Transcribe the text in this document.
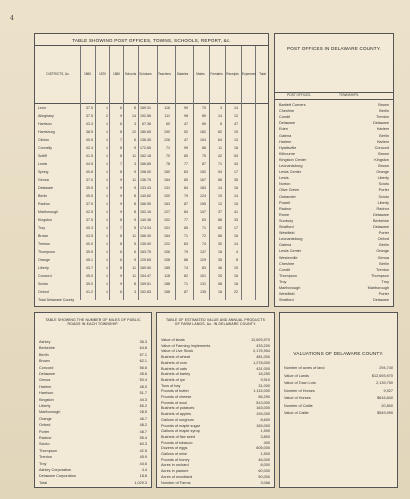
4
TABLE SHOWING POST OFFICES, TOWNS, SCHOOLS, REPORT, &c.
DISTRICTS, &c.	1860	1870	1880	Schools Scholars Teachers Salaries	Males	Females Receipts Expenses Total
Leon	37.5	1	6	8 169.31	116	90	70	3	14
Alleghany	37.5	2	9	14 192.56	111	98	89	14	12
Harrison	43.3	1	6	3	67.36	60	47	69	6	47
Harrisburg	38.5	1	8	12 180.65	190	52	162	82	19
Clinton	40.5	1	7	6 136.35	126	47	104	64	13
Connelly	42.4	1	8	9 172.65	71	99	68	11	18
Sutliff	41.5	1	8	11 162.18	70	80	75	42	54
Lewis	44.5	1	7	3 166.85	78	77	87	71	43
Spring	40.8	1	8	9 198.00	150	83	152	94	17
Genoa	37.0	1	9	11 136.75	164	80	167	56	35
Delaware	39.5	1	9	9 133.43	131	84	183	14	16
Berlin	45.5	1	9	8 140.62	100	79	124	19	14
Radnor	37.9	1	9	8 166.55	163	87	155	12	15
Marlborough	42.5	1	9	8 152.16	127	84	107	37	41
Kingston	37.5	1	8	9 140.36	102	77	63	86	33
Troy	40.3	1	7	5 174.04	101	85	71	82	17
Brown	43.5	1	8	11 166.30	164	71	72	68	16
Trenton	40.0	1	8	5 135.90	122	83	74	30	14
Thompson	39.5	1	6	6 163.75	106	79	137	18	4
Orange	45.1	1	6	9 129.65	108	86	129	35	8
Liberty	43.7	1	8	11 169.50	185	74	83	46	19
Concord	45.0	1	9	11 154.47	118	82	101	25	16
Scioto	39.0	1	9	8 159.51	188	71	131	58	18
Oxford	41.2	1	6	3 152.83	158	87	135	18	22
Total Delaware County
POST OFFICES IN DELAWARE COUNTY.
POST OFFICES.	TOWNSHIPS.
Bartlett Corners	Brown
Cheshire	Berlin
Condit	Trenton
Delaware	Delaware
Eden	Harlem
Galena	Berlin
Harlem	Harlem
Hyattsville	Concord
Kilbourne	Brown
Kingston Center	Kingston
Leonardsburg	Brown
Lewis Center	Orange
Lewis	Liberty
Norton	Scioto
Olive Green	Porter
Ostrander	Scioto
Powell	Liberty
Radnor	Radnor
Rome	Delaware
Sunbury	Berkshire
Stratford	Delaware
Westfield	Porter
Leonardsburg	Oxford
Galena	Berlin
Lewis Center	Orange
Westerville	Genoa
Cheshire	Berlin
Condit	Trenton
Thompson	Thompson
Troy	Troy
Marlborough	Marlborough
Westfield	Porter
Stratford	Delaware
TABLE SHOWING THE NUMBER OF MILES OF PUBLIC ROADS IN EACH TOWNSHIP.
Ashley	36.3
Berkshire	64.8
Berlin	57.1
Brown	62.1
Concord	56.6
Delaware	45.6
Genoa	50.4
Harlem	48.0
Harrison	51.7
Kingston	44.3
Liberty	65.2
Marlborough	28.5
Orange	46.7
Oxford	48.2
Porter	48.7
Radnor	55.4
Scioto	60.3
Thompson	42.5
Trenton	45.9
Troy	44.6
Ashley Corporation	4.4
Delaware Corporation	18.8
Total	1,029.3
TABLE OF ESTIMATED VALUE AND ANNUAL PRODUCTS OF FARM LANDS, &c. IN DELAWARE COUNTY.
Value of lands	12,693,970
Value of Farming Implements	433,200
Value of Live Stock	2,176,954
Bushels of wheat	481,000
Bushels of corn	1,278,000
Bushels of oats	431,000
Bushels of barley	18,250
Bushels of rye	9,910
Tons of hay	31,000
Pounds of butter	1,115,000
Pounds of cheese	86,290
Pounds of wool	513,000
Bushels of potatoes	163,000
Bushels of apples	194,000
Gallons of sorghum	8,600
Pounds of maple sugar	165,000
Gallons of maple syrup	1,590
Bushels of flax seed	3,800
Pounds of tobacco	400
Dozens of eggs	605,000
Gallons of wine	1,500
Pounds of honey	46,000
Acres in orchard	8,000
Acres in pasture	60,000
Acres of woodland	50,000
Number of Farms	3,066
VALUATIONS OF DELAWARE COUNTY.
Number of acres of land	294,740
Value of Lands	$12,693,970
Value of Town Lots	2,139,750
Number of Horses	9,927
Value of Horses	$616,840
Number of Cattle	20,800
Value of Cattle	$549,990
